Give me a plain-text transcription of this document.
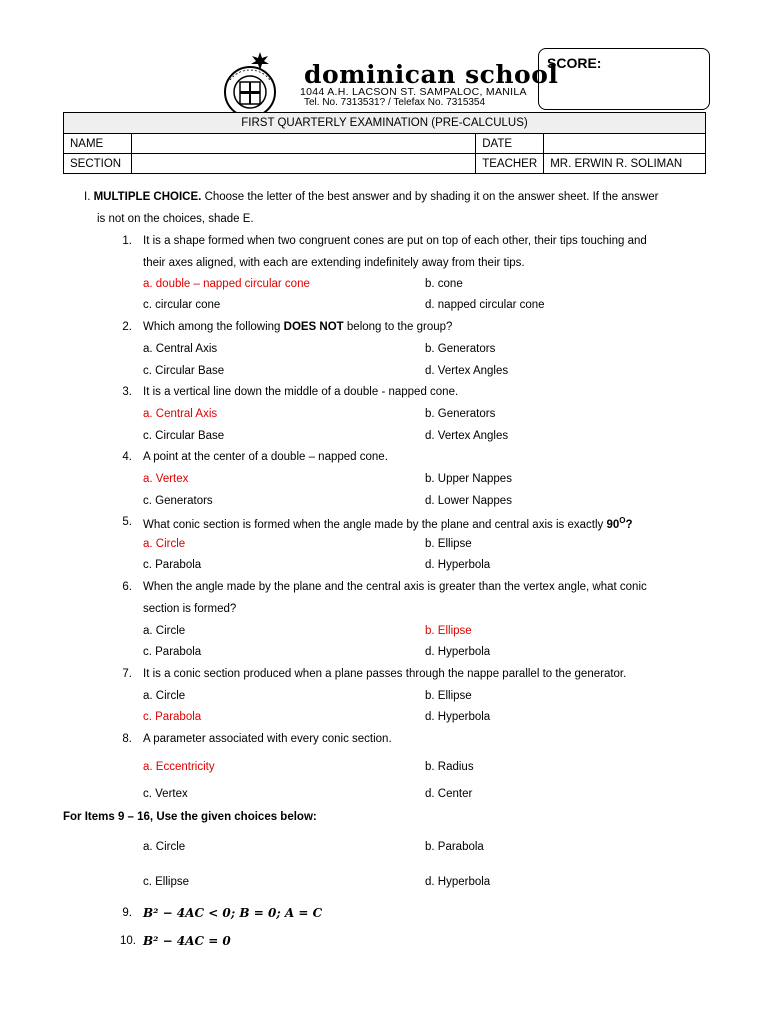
dominican school
1044 A.H. LACSON ST. SAMPALOC, MANILA
Tel. No. 7313531? / Telefax No. 7315354
SCORE:
FIRST QUARTERLY EXAMINATION (PRE-CALCULUS)			
NAME		DATE	
SECTION		TEACHER	MR. ERWIN R. SOLIMAN
I. MULTIPLE CHOICE. Choose the letter of the best answer and by shading it on the answer sheet. If the answer
is not on the choices, shade E.
1. It is a shape formed when two congruent cones are put on top of each other, their tips touching and
their axes aligned, with each are extending indefinitely away from their tips.
a. double – napped circular cone	b. cone
c. circular cone	d. napped circular cone
2. Which among the following DOES NOT belong to the group?
a. Central Axis	b. Generators
c. Circular Base	d. Vertex Angles
3. It is a vertical line down the middle of a double - napped cone.
a. Central Axis	b. Generators
c. Circular Base	d. Vertex Angles
4. A point at the center of a double – napped cone.
a. Vertex	b. Upper Nappes
c. Generators	d. Lower Nappes
5. What conic section is formed when the angle made by the plane and central axis is exactly $90^O$?
a. Circle	b. Ellipse
c. Parabola	d. Hyperbola
6. When the angle made by the plane and the central axis is greater than the vertex angle, what conic
section is formed?
a. Circle	b. Ellipse
c. Parabola	d. Hyperbola
7. It is a conic section produced when a plane passes through the nappe parallel to the generator.
a. Circle	b. Ellipse
c. Parabola	d. Hyperbola
8. A parameter associated with every conic section.
a. Eccentricity	b. Radius
c. Vertex	d. Center
For Items 9 – 16, Use the given choices below:
a. Circle	b. Parabola
c. Ellipse	d. Hyperbola
9. B² − 4AC < 0; B = 0; A = C
10. B² − 4AC = 0
